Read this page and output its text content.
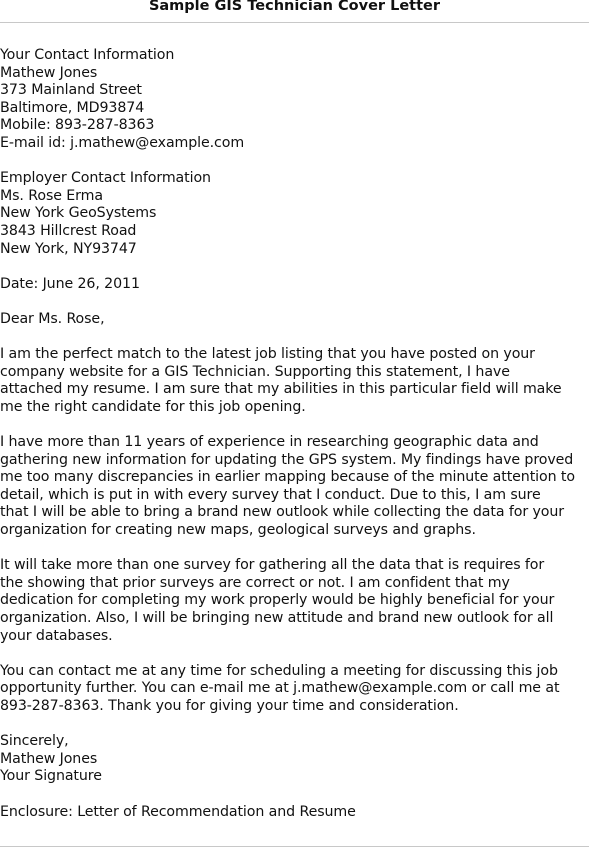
Sample GIS Technician Cover Letter
Your Contact Information
Mathew Jones
373 Mainland Street
Baltimore, MD93874
Mobile: 893-287-8363
E-mail id: j.mathew@example.com
Employer Contact Information
Ms. Rose Erma
New York GeoSystems
3843 Hillcrest Road
New York, NY93747
Date: June 26, 2011
Dear Ms. Rose,
I am the perfect match to the latest job listing that you have posted on your
company website for a GIS Technician. Supporting this statement, I have
attached my resume. I am sure that my abilities in this particular field will make
me the right candidate for this job opening.
I have more than 11 years of experience in researching geographic data and
gathering new information for updating the GPS system. My findings have proved
me too many discrepancies in earlier mapping because of the minute attention to
detail, which is put in with every survey that I conduct. Due to this, I am sure
that I will be able to bring a brand new outlook while collecting the data for your
organization for creating new maps, geological surveys and graphs.
It will take more than one survey for gathering all the data that is requires for
the showing that prior surveys are correct or not. I am confident that my
dedication for completing my work properly would be highly beneficial for your
organization. Also, I will be bringing new attitude and brand new outlook for all
your databases.
You can contact me at any time for scheduling a meeting for discussing this job
opportunity further. You can e-mail me at j.mathew@example.com or call me at
893-287-8363. Thank you for giving your time and consideration.
Sincerely,
Mathew Jones
Your Signature
Enclosure: Letter of Recommendation and Resume
